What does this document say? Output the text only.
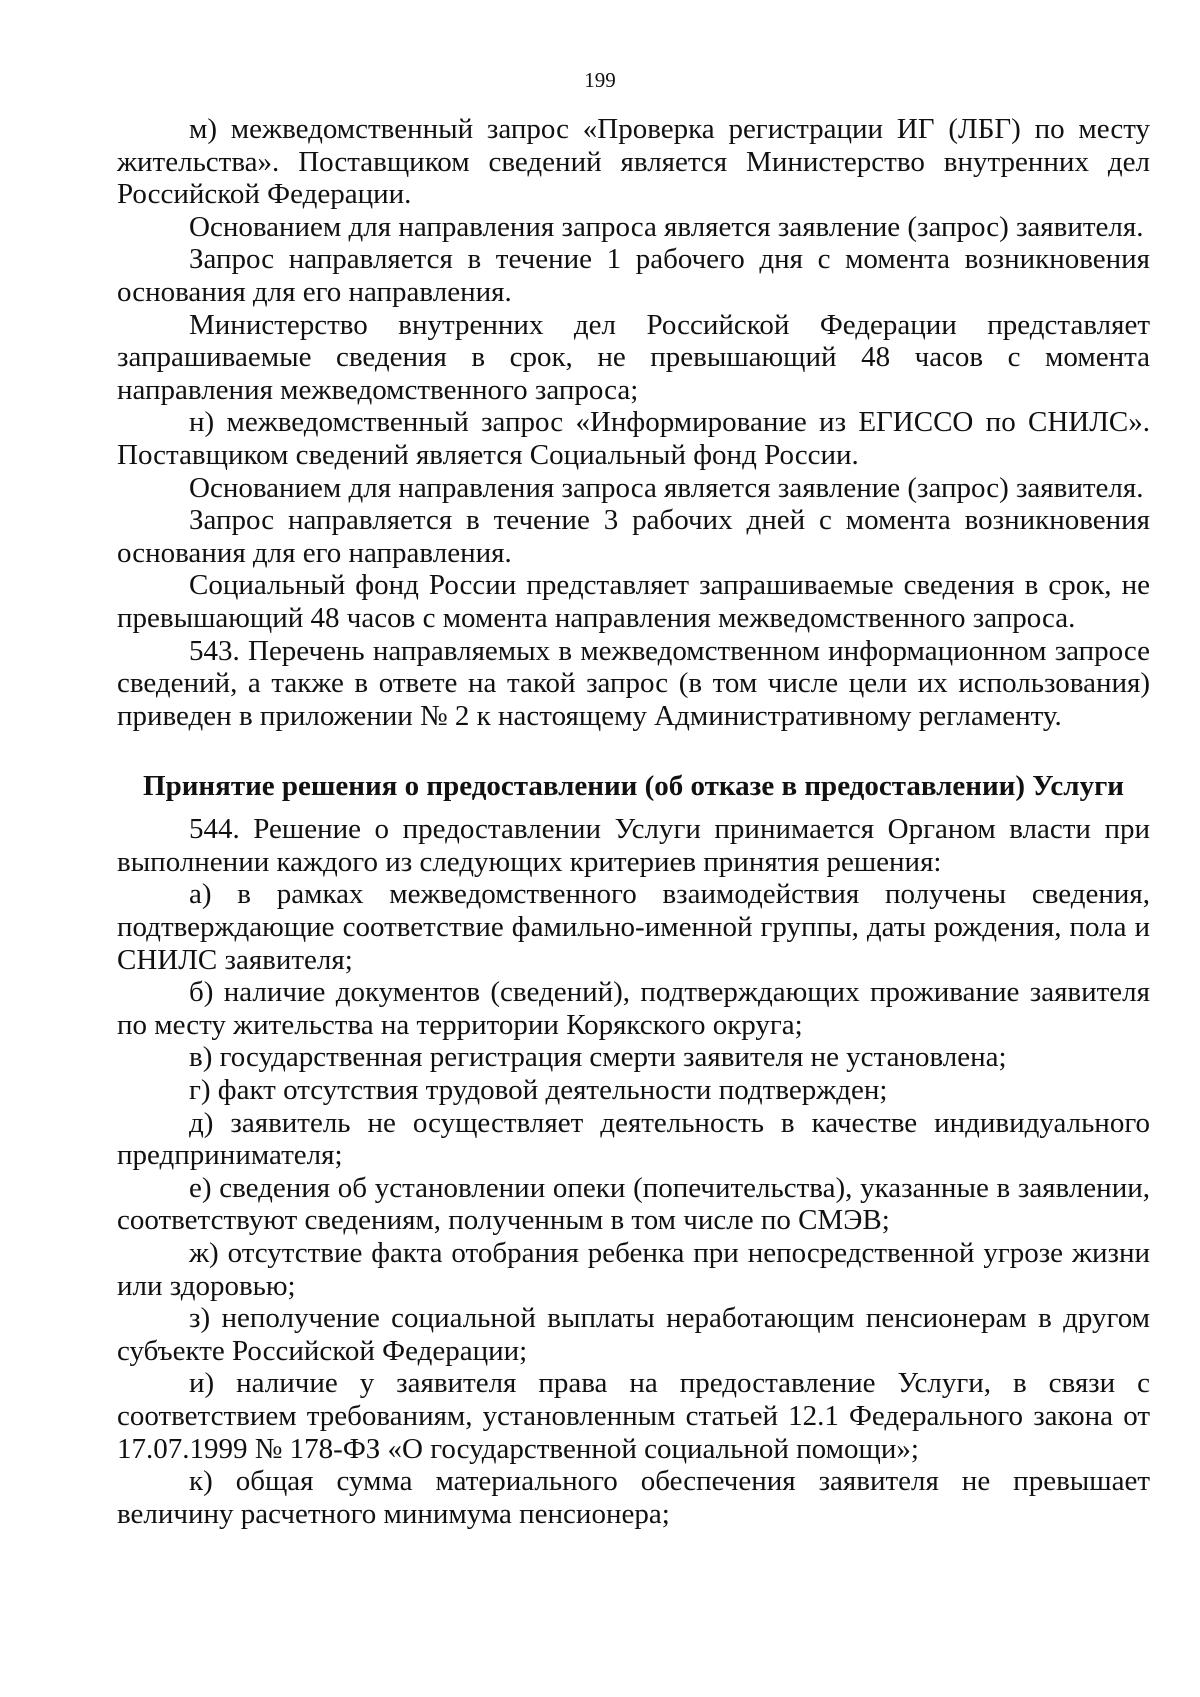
199

м) межведомственный запрос «Проверка регистрации ИГ (ЛБГ) по месту жительства». Поставщиком сведений является Министерство внутренних дел Российской Федерации.

Основанием для направления запроса является заявление (запрос) заявителя.

Запрос направляется в течение 1 рабочего дня с момента возникновения основания для его направления.

Министерство внутренних дел Российской Федерации представляет запрашиваемые сведения в срок, не превышающий 48 часов с момента направления межведомственного запроса;

н) межведомственный запрос «Информирование из ЕГИССО по СНИЛС». Поставщиком сведений является Социальный фонд России.

Основанием для направления запроса является заявление (запрос) заявителя.

Запрос направляется в течение 3 рабочих дней с момента возникновения основания для его направления.

Социальный фонд России представляет запрашиваемые сведения в срок, не превышающий 48 часов с момента направления межведомственного запроса.

543. Перечень направляемых в межведомственном информационном запросе сведений, а также в ответе на такой запрос (в том числе цели их использования) приведен в приложении № 2 к настоящему Административному регламенту.

Принятие решения о предоставлении (об отказе в предоставлении) Услуги

544. Решение о предоставлении Услуги принимается Органом власти при выполнении каждого из следующих критериев принятия решения:

а) в рамках межведомственного взаимодействия получены сведения, подтверждающие соответствие фамильно-именной группы, даты рождения, пола и СНИЛС заявителя;

б) наличие документов (сведений), подтверждающих проживание заявителя по месту жительства на территории Корякского округа;

в) государственная регистрация смерти заявителя не установлена;

г) факт отсутствия трудовой деятельности подтвержден;

д) заявитель не осуществляет деятельность в качестве индивидуального предпринимателя;

е) сведения об установлении опеки (попечительства), указанные в заявлении, соответствуют сведениям, полученным в том числе по СМЭВ;

ж) отсутствие факта отобрания ребенка при непосредственной угрозе жизни или здоровью;

з) неполучение социальной выплаты неработающим пенсионерам в другом субъекте Российской Федерации;

и) наличие у заявителя права на предоставление Услуги, в связи с соответствием требованиям, установленным статьей 12.1 Федерального закона от 17.07.1999 № 178-ФЗ «О государственной социальной помощи»;

к) общая сумма материального обеспечения заявителя не превышает величину расчетного минимума пенсионера;
